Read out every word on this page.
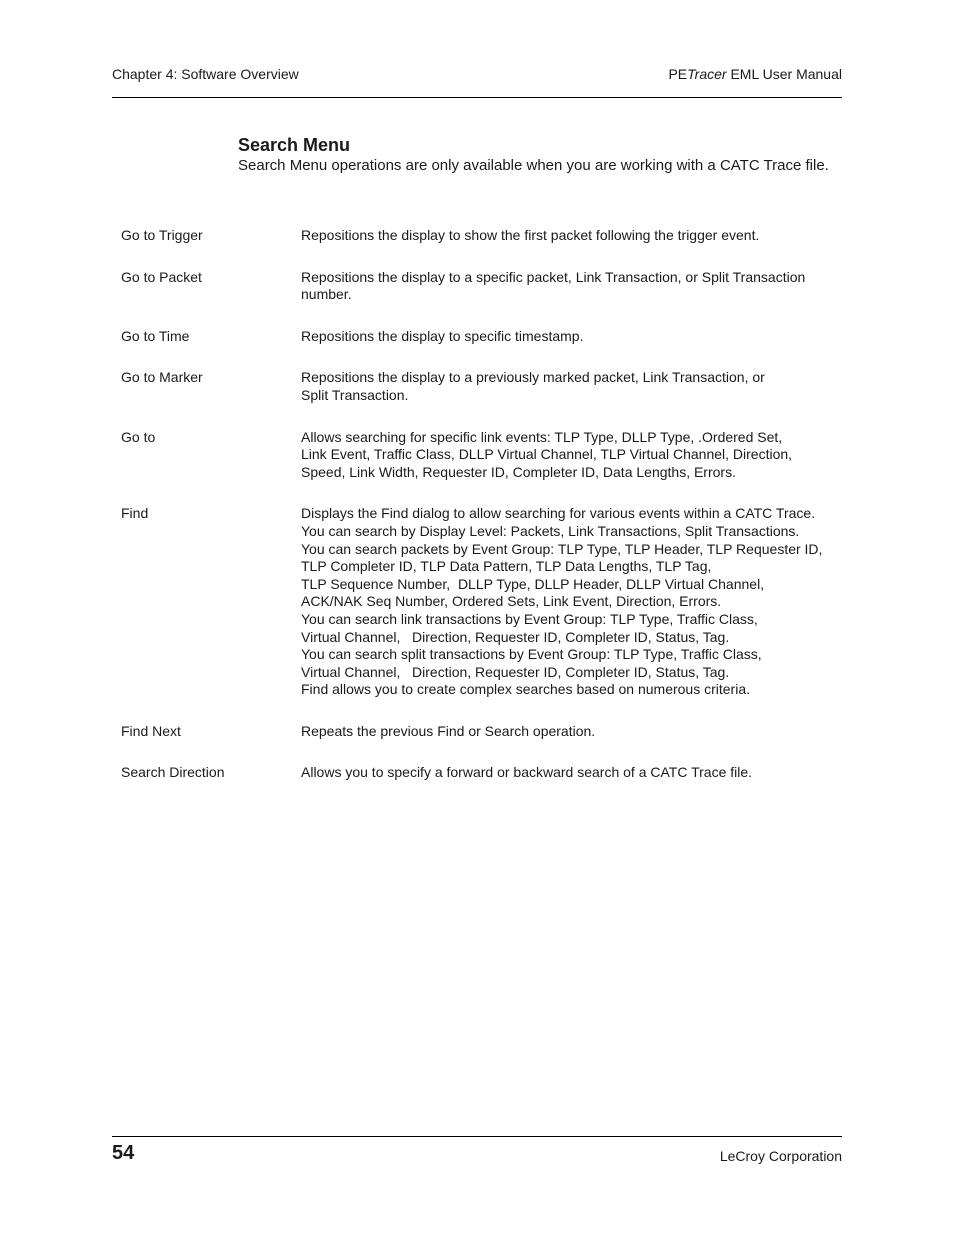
Chapter 4: Software Overview	PETracer EML User Manual
Search Menu
Search Menu operations are only available when you are working with a CATC Trace file.
Go to Trigger	Repositions the display to show the first packet following the trigger event.
Go to Packet	Repositions the display to a specific packet, Link Transaction, or Split Transaction
number.
Go to Time	Repositions the display to specific timestamp.
Go to Marker	Repositions the display to a previously marked packet, Link Transaction, or
Split Transaction.
Go to	Allows searching for specific link events: TLP Type, DLLP Type, .Ordered Set,
Link Event, Traffic Class, DLLP Virtual Channel, TLP Virtual Channel, Direction,
Speed, Link Width, Requester ID, Completer ID, Data Lengths, Errors.
Find	Displays the Find dialog to allow searching for various events within a CATC Trace.
You can search by Display Level: Packets, Link Transactions, Split Transactions.
You can search packets by Event Group: TLP Type, TLP Header, TLP Requester ID,
TLP Completer ID, TLP Data Pattern, TLP Data Lengths, TLP Tag,
TLP Sequence Number,  DLLP Type, DLLP Header, DLLP Virtual Channel,
ACK/NAK Seq Number, Ordered Sets, Link Event, Direction, Errors.
You can search link transactions by Event Group: TLP Type, Traffic Class,
Virtual Channel,   Direction, Requester ID, Completer ID, Status, Tag.
You can search split transactions by Event Group: TLP Type, Traffic Class,
Virtual Channel,   Direction, Requester ID, Completer ID, Status, Tag.
Find allows you to create complex searches based on numerous criteria.
Find Next	Repeats the previous Find or Search operation.
Search Direction	Allows you to specify a forward or backward search of a CATC Trace file.
54	LeCroy Corporation
